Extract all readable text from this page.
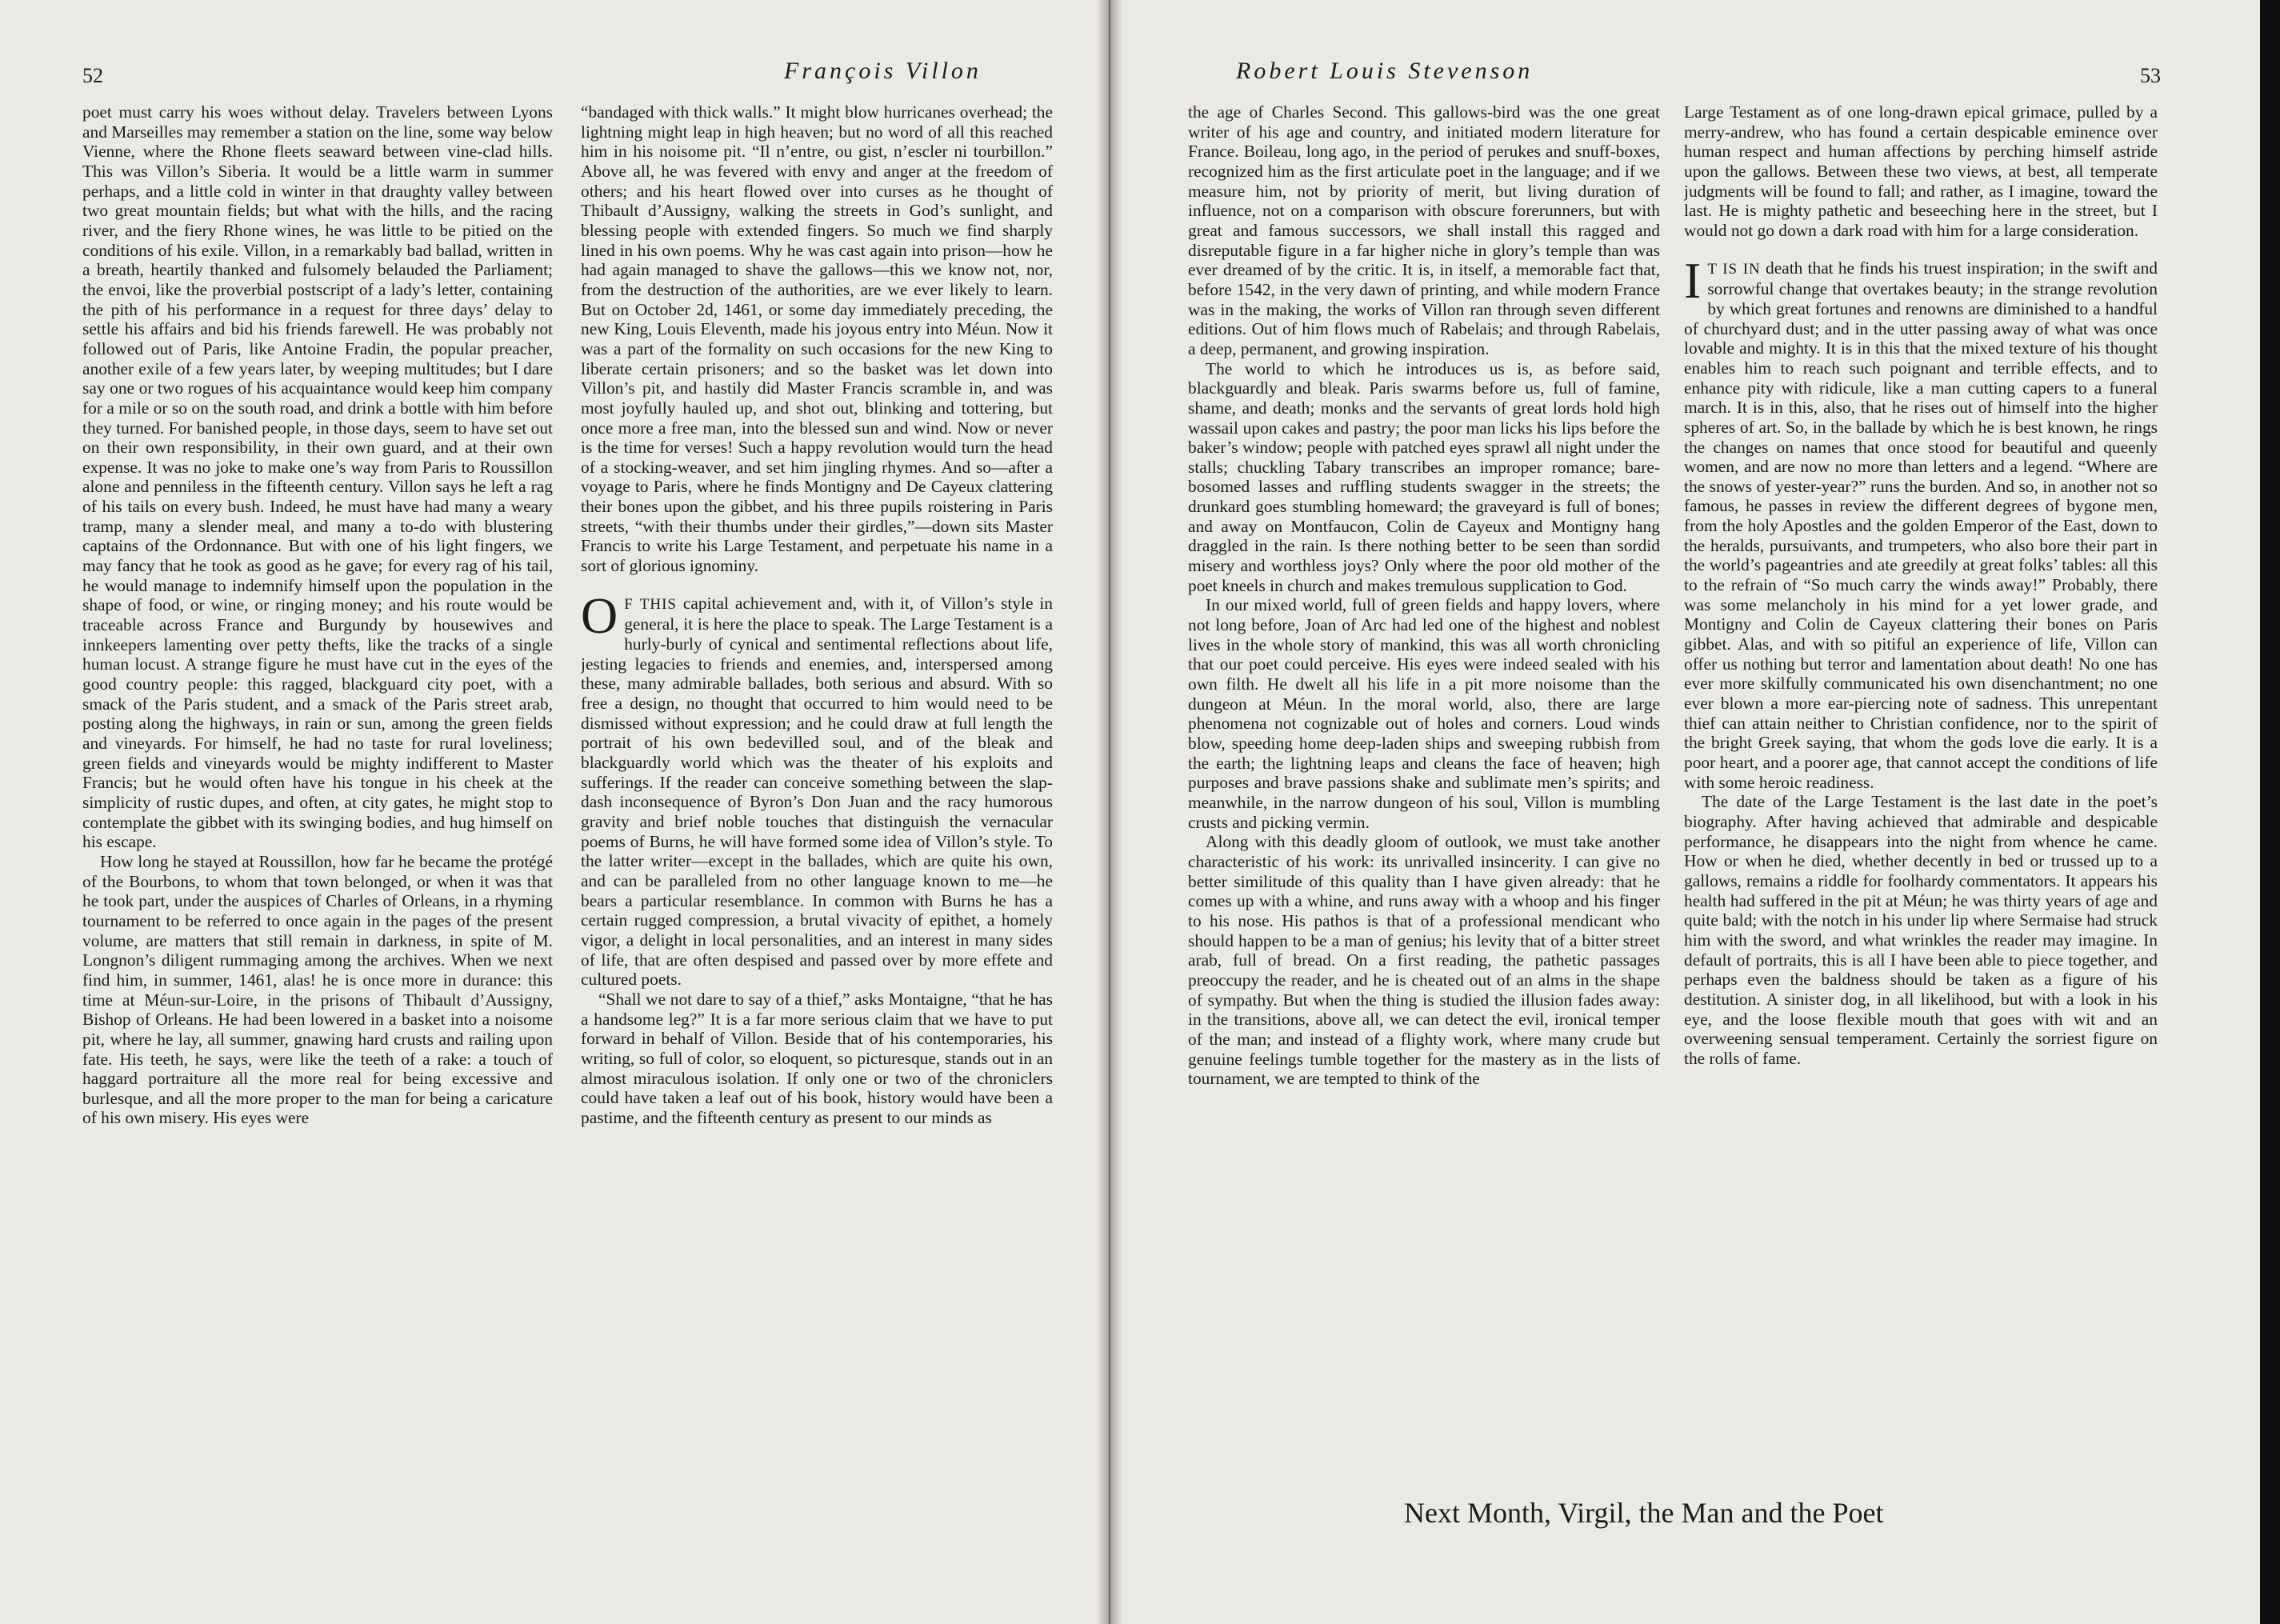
52	François Villon

poet must carry his woes without delay. Travelers between Lyons and Marseilles may remember a station on the line, some way below Vienne, where the Rhone fleets seaward between vine-clad hills. This was Villon’s Siberia. It would be a little warm in summer perhaps, and a little cold in winter in that draughty valley between two great mountain fields; but what with the hills, and the racing river, and the fiery Rhone wines, he was little to be pitied on the conditions of his exile. Villon, in a remarkably bad ballad, written in a breath, heartily thanked and fulsomely belauded the Parliament; the envoi, like the proverbial postscript of a lady’s letter, containing the pith of his performance in a request for three days’ delay to settle his affairs and bid his friends farewell. He was probably not followed out of Paris, like Antoine Fradin, the popular preacher, another exile of a few years later, by weeping multitudes; but I dare say one or two rogues of his acquaintance would keep him company for a mile or so on the south road, and drink a bottle with him before they turned. For banished people, in those days, seem to have set out on their own responsibility, in their own guard, and at their own expense. It was no joke to make one’s way from Paris to Roussillon alone and penniless in the fifteenth century. Villon says he left a rag of his tails on every bush. Indeed, he must have had many a weary tramp, many a slender meal, and many a to-do with blustering captains of the Ordonnance. But with one of his light fingers, we may fancy that he took as good as he gave; for every rag of his tail, he would manage to indemnify himself upon the population in the shape of food, or wine, or ringing money; and his route would be traceable across France and Burgundy by housewives and innkeepers lamenting over petty thefts, like the tracks of a single human locust. A strange figure he must have cut in the eyes of the good country people: this ragged, blackguard city poet, with a smack of the Paris student, and a smack of the Paris street arab, posting along the highways, in rain or sun, among the green fields and vineyards. For himself, he had no taste for rural loveliness; green fields and vineyards would be mighty indifferent to Master Francis; but he would often have his tongue in his cheek at the simplicity of rustic dupes, and often, at city gates, he might stop to contemplate the gibbet with its swinging bodies, and hug himself on his escape.

How long he stayed at Roussillon, how far he became the protégé of the Bourbons, to whom that town belonged, or when it was that he took part, under the auspices of Charles of Orleans, in a rhyming tournament to be referred to once again in the pages of the present volume, are matters that still remain in darkness, in spite of M. Longnon’s diligent rummaging among the archives. When we next find him, in summer, 1461, alas! he is once more in durance: this time at Méun-sur-Loire, in the prisons of Thibault d’Aussigny, Bishop of Orleans. He had been lowered in a basket into a noisome pit, where he lay, all summer, gnawing hard crusts and railing upon fate. His teeth, he says, were like the teeth of a rake: a touch of haggard portraiture all the more real for being excessive and burlesque, and all the more proper to the man for being a caricature of his own misery. His eyes were

“bandaged with thick walls.” It might blow hurricanes overhead; the lightning might leap in high heaven; but no word of all this reached him in his noisome pit. “Il n’entre, ou gist, n’escler ni tourbillon.” Above all, he was fevered with envy and anger at the freedom of others; and his heart flowed over into curses as he thought of Thibault d’Aussigny, walking the streets in God’s sunlight, and blessing people with extended fingers. So much we find sharply lined in his own poems. Why he was cast again into prison—how he had again managed to shave the gallows—this we know not, nor, from the destruction of the authorities, are we ever likely to learn. But on October 2d, 1461, or some day immediately preceding, the new King, Louis Eleventh, made his joyous entry into Méun. Now it was a part of the formality on such occasions for the new King to liberate certain prisoners; and so the basket was let down into Villon’s pit, and hastily did Master Francis scramble in, and was most joyfully hauled up, and shot out, blinking and tottering, but once more a free man, into the blessed sun and wind. Now or never is the time for verses! Such a happy revolution would turn the head of a stocking-weaver, and set him jingling rhymes. And so—after a voyage to Paris, where he finds Montigny and De Cayeux clattering their bones upon the gibbet, and his three pupils roistering in Paris streets, “with their thumbs under their girdles,”—down sits Master Francis to write his Large Testament, and perpetuate his name in a sort of glorious ignominy.

O F THIS capital achievement and, with it, of Villon’s style in general, it is here the place to speak. The Large Testament is a hurly-burly of cynical and sentimental reflections about life, jesting legacies to friends and enemies, and, interspersed among these, many admirable ballades, both serious and absurd. With so free a design, no thought that occurred to him would need to be dismissed without expression; and he could draw at full length the portrait of his own bedevilled soul, and of the bleak and blackguardly world which was the theater of his exploits and sufferings. If the reader can conceive something between the slap-dash inconsequence of Byron’s Don Juan and the racy humorous gravity and brief noble touches that distinguish the vernacular poems of Burns, he will have formed some idea of Villon’s style. To the latter writer—except in the ballades, which are quite his own, and can be paralleled from no other language known to me—he bears a particular resemblance. In common with Burns he has a certain rugged compression, a brutal vivacity of epithet, a homely vigor, a delight in local personalities, and an interest in many sides of life, that are often despised and passed over by more effete and cultured poets.

“Shall we not dare to say of a thief,” asks Montaigne, “that he has a handsome leg?” It is a far more serious claim that we have to put forward in behalf of Villon. Beside that of his contemporaries, his writing, so full of color, so eloquent, so picturesque, stands out in an almost miraculous isolation. If only one or two of the chroniclers could have taken a leaf out of his book, history would have been a pastime, and the fifteenth century as present to our minds as

Robert Louis Stevenson	53

the age of Charles Second. This gallows-bird was the one great writer of his age and country, and initiated modern literature for France. Boileau, long ago, in the period of perukes and snuff-boxes, recognized him as the first articulate poet in the language; and if we measure him, not by priority of merit, but living duration of influence, not on a comparison with obscure forerunners, but with great and famous successors, we shall install this ragged and disreputable figure in a far higher niche in glory’s temple than was ever dreamed of by the critic. It is, in itself, a memorable fact that, before 1542, in the very dawn of printing, and while modern France was in the making, the works of Villon ran through seven different editions. Out of him flows much of Rabelais; and through Rabelais, a deep, permanent, and growing inspiration.

The world to which he introduces us is, as before said, blackguardly and bleak. Paris swarms before us, full of famine, shame, and death; monks and the servants of great lords hold high wassail upon cakes and pastry; the poor man licks his lips before the baker’s window; people with patched eyes sprawl all night under the stalls; chuckling Tabary transcribes an improper romance; bare-bosomed lasses and ruffling students swagger in the streets; the drunkard goes stumbling homeward; the graveyard is full of bones; and away on Montfaucon, Colin de Cayeux and Montigny hang draggled in the rain. Is there nothing better to be seen than sordid misery and worthless joys? Only where the poor old mother of the poet kneels in church and makes tremulous supplication to God.

In our mixed world, full of green fields and happy lovers, where not long before, Joan of Arc had led one of the highest and noblest lives in the whole story of mankind, this was all worth chronicling that our poet could perceive. His eyes were indeed sealed with his own filth. He dwelt all his life in a pit more noisome than the dungeon at Méun. In the moral world, also, there are large phenomena not cognizable out of holes and corners. Loud winds blow, speeding home deep-laden ships and sweeping rubbish from the earth; the lightning leaps and cleans the face of heaven; high purposes and brave passions shake and sublimate men’s spirits; and meanwhile, in the narrow dungeon of his soul, Villon is mumbling crusts and picking vermin.

Along with this deadly gloom of outlook, we must take another characteristic of his work: its unrivalled insincerity. I can give no better similitude of this quality than I have given already: that he comes up with a whine, and runs away with a whoop and his finger to his nose. His pathos is that of a professional mendicant who should happen to be a man of genius; his levity that of a bitter street arab, full of bread. On a first reading, the pathetic passages preoccupy the reader, and he is cheated out of an alms in the shape of sympathy. But when the thing is studied the illusion fades away: in the transitions, above all, we can detect the evil, ironical temper of the man; and instead of a flighty work, where many crude but genuine feelings tumble together for the mastery as in the lists of tournament, we are tempted to think of the

Large Testament as of one long-drawn epical grimace, pulled by a merry-andrew, who has found a certain despicable eminence over human respect and human affections by perching himself astride upon the gallows. Between these two views, at best, all temperate judgments will be found to fall; and rather, as I imagine, toward the last. He is mighty pathetic and beseeching here in the street, but I would not go down a dark road with him for a large consideration.

I T IS IN death that he finds his truest inspiration; in the swift and sorrowful change that overtakes beauty; in the strange revolution by which great fortunes and renowns are diminished to a handful of churchyard dust; and in the utter passing away of what was once lovable and mighty. It is in this that the mixed texture of his thought enables him to reach such poignant and terrible effects, and to enhance pity with ridicule, like a man cutting capers to a funeral march. It is in this, also, that he rises out of himself into the higher spheres of art. So, in the ballade by which he is best known, he rings the changes on names that once stood for beautiful and queenly women, and are now no more than letters and a legend. “Where are the snows of yester-year?” runs the burden. And so, in another not so famous, he passes in review the different degrees of bygone men, from the holy Apostles and the golden Emperor of the East, down to the heralds, pursuivants, and trumpeters, who also bore their part in the world’s pageantries and ate greedily at great folks’ tables: all this to the refrain of “So much carry the winds away!” Probably, there was some melancholy in his mind for a yet lower grade, and Montigny and Colin de Cayeux clattering their bones on Paris gibbet. Alas, and with so pitiful an experience of life, Villon can offer us nothing but terror and lamentation about death! No one has ever more skilfully communicated his own disenchantment; no one ever blown a more ear-piercing note of sadness. This unrepentant thief can attain neither to Christian confidence, nor to the spirit of the bright Greek saying, that whom the gods love die early. It is a poor heart, and a poorer age, that cannot accept the conditions of life with some heroic readiness.

The date of the Large Testament is the last date in the poet’s biography. After having achieved that admirable and despicable performance, he disappears into the night from whence he came. How or when he died, whether decently in bed or trussed up to a gallows, remains a riddle for foolhardy commentators. It appears his health had suffered in the pit at Méun; he was thirty years of age and quite bald; with the notch in his under lip where Sermaise had struck him with the sword, and what wrinkles the reader may imagine. In default of portraits, this is all I have been able to piece together, and perhaps even the baldness should be taken as a figure of his destitution. A sinister dog, in all likelihood, but with a look in his eye, and the loose flexible mouth that goes with wit and an overweening sensual temperament. Certainly the sorriest figure on the rolls of fame.

Next Month, Virgil, the Man and the Poet
